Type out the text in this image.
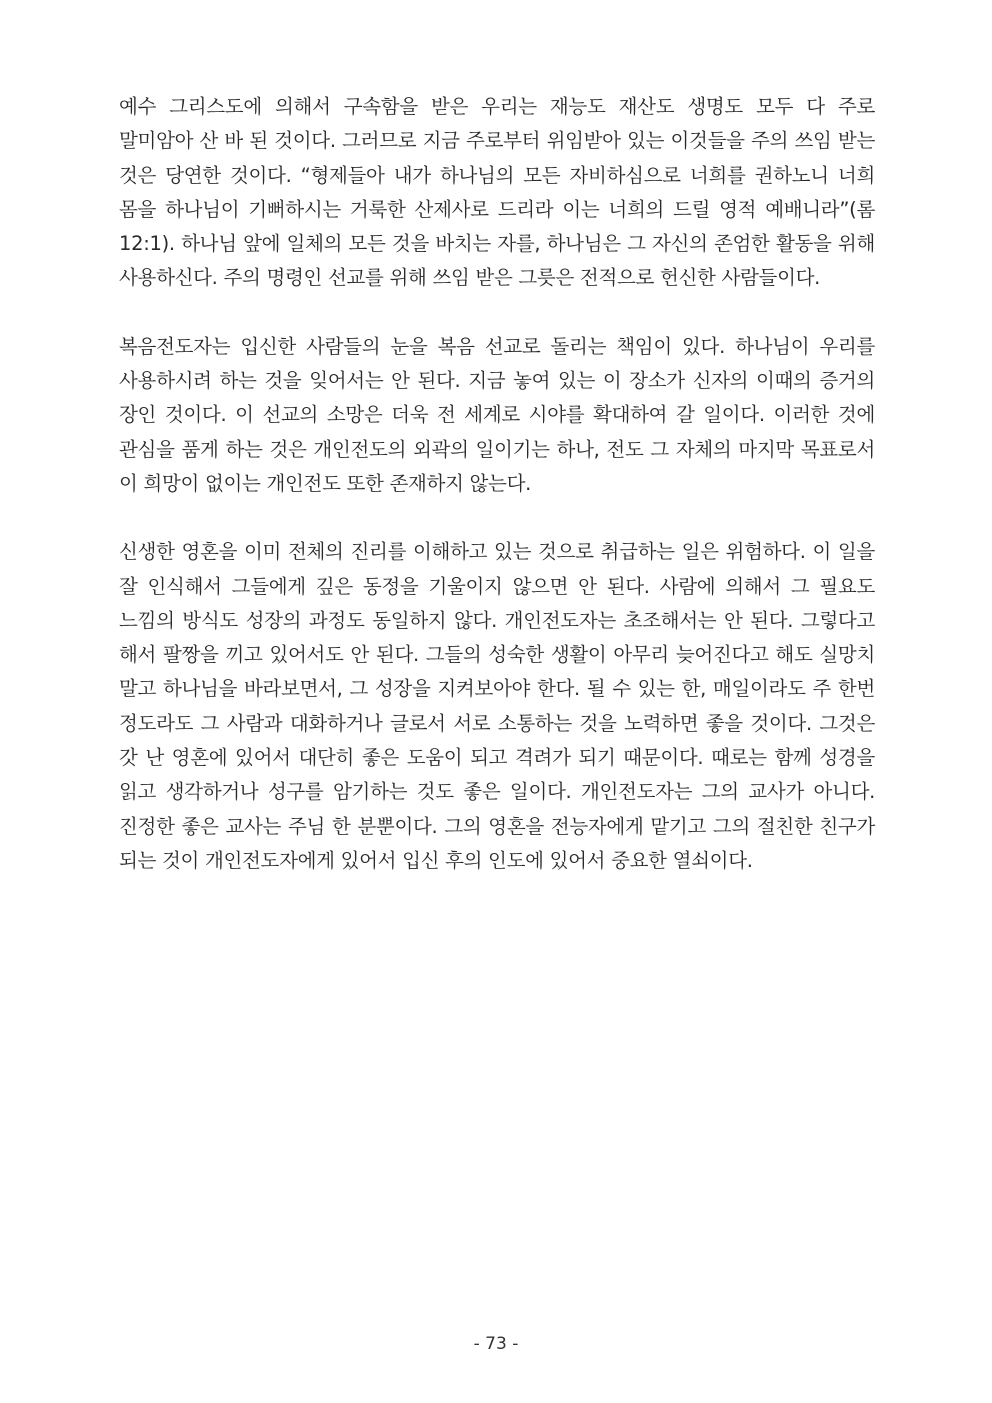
예수 그리스도에 의해서 구속함을 받은 우리는 재능도 재산도 생명도 모두 다 주로 말미암아 산 바 된 것이다. 그러므로 지금 주로부터 위임받아 있는 이것들을 주의 쓰임 받는 것은 당연한 것이다. “형제들아 내가 하나님의 모든 자비하심으로 너희를 권하노니 너희 몸을 하나님이 기뻐하시는 거룩한 산제사로 드리라 이는 너희의 드릴 영적 예배니라”(롬 12:1). 하나님 앞에 일체의 모든 것을 바치는 자를, 하나님은 그 자신의 존엄한 활동을 위해 사용하신다. 주의 명령인 선교를 위해 쓰임 받은 그릇은 전적으로 헌신한 사람들이다.

복음전도자는 입신한 사람들의 눈을 복음 선교로 돌리는 책임이 있다. 하나님이 우리를 사용하시려 하는 것을 잊어서는 안 된다. 지금 놓여 있는 이 장소가 신자의 이때의 증거의 장인 것이다. 이 선교의 소망은 더욱 전 세계로 시야를 확대하여 갈 일이다. 이러한 것에 관심을 품게 하는 것은 개인전도의 외곽의 일이기는 하나, 전도 그 자체의 마지막 목표로서 이 희망이 없이는 개인전도 또한 존재하지 않는다.

신생한 영혼을 이미 전체의 진리를 이해하고 있는 것으로 취급하는 일은 위험하다. 이 일을 잘 인식해서 그들에게 깊은 동정을 기울이지 않으면 안 된다. 사람에 의해서 그 필요도 느낌의 방식도 성장의 과정도 동일하지 않다. 개인전도자는 초조해서는 안 된다. 그렇다고 해서 팔짱을 끼고 있어서도 안 된다. 그들의 성숙한 생활이 아무리 늦어진다고 해도 실망치 말고 하나님을 바라보면서, 그 성장을 지켜보아야 한다. 될 수 있는 한, 매일이라도 주 한번 정도라도 그 사람과 대화하거나 글로서 서로 소통하는 것을 노력하면 좋을 것이다. 그것은 갓 난 영혼에 있어서 대단히 좋은 도움이 되고 격려가 되기 때문이다. 때로는 함께 성경을 읽고 생각하거나 성구를 암기하는 것도 좋은 일이다. 개인전도자는 그의 교사가 아니다. 진정한 좋은 교사는 주님 한 분뿐이다. 그의 영혼을 전능자에게 맡기고 그의 절친한 친구가 되는 것이 개인전도자에게 있어서 입신 후의 인도에 있어서 중요한 열쇠이다.

- 73 -
